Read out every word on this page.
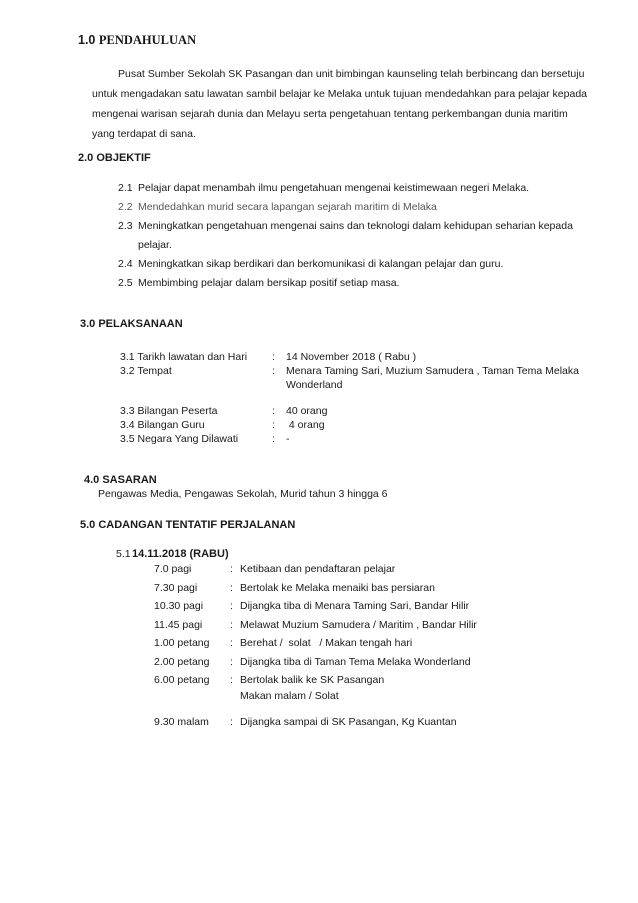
1.0 PENDAHULUAN
Pusat Sumber Sekolah SK Pasangan dan unit bimbingan kaunseling telah berbincang dan bersetuju
untuk mengadakan satu lawatan sambil belajar ke Melaka untuk tujuan mendedahkan para pelajar kepada
mengenai warisan sejarah dunia dan Melayu serta pengetahuan tentang perkembangan dunia maritim
yang terdapat di sana.
2.0 OBJEKTIF
2.1 Pelajar dapat menambah ilmu pengetahuan mengenai keistimewaan negeri Melaka.
2.2 Mendedahkan murid secara lapangan sejarah maritim di Melaka
2.3 Meningkatkan pengetahuan mengenai sains dan teknologi dalam kehidupan seharian kepada
pelajar.
2.4 Meningkatkan sikap berdikari dan berkomunikasi di kalangan pelajar dan guru.
2.5 Membimbing pelajar dalam bersikap positif setiap masa.
3.0 PELAKSANAAN
3.1 Tarikh lawatan dan Hari : 14 November 2018 ( Rabu )
3.2 Tempat	: Menara Taming Sari, Muzium Samudera , Taman Tema Melaka
Wonderland
3.3 Bilangan Peserta	: 40 orang
3.4 Bilangan Guru	: 4 orang
3.5 Negara Yang Dilawati	: -
4.0 SASARAN
Pengawas Media, Pengawas Sekolah, Murid tahun 3 hingga 6
5.0 CADANGAN TENTATIF PERJALANAN
5.1 14.11.2018 (RABU)
7.0 pagi	: Ketibaan dan pendaftaran pelajar
7.30 pagi	: Bertolak ke Melaka menaiki bas persiaran
10.30 pagi	: Dijangka tiba di Menara Taming Sari, Bandar Hilir
11.45 pagi	: Melawat Muzium Samudera / Maritim , Bandar Hilir
1.00 petang : Berehat /  solat   / Makan tengah hari
2.00 petang : Dijangka tiba di Taman Tema Melaka Wonderland
6.00 petang : Bertolak balik ke SK Pasangan
Makan malam / Solat
9.30 malam : Dijangka sampai di SK Pasangan, Kg Kuantan
